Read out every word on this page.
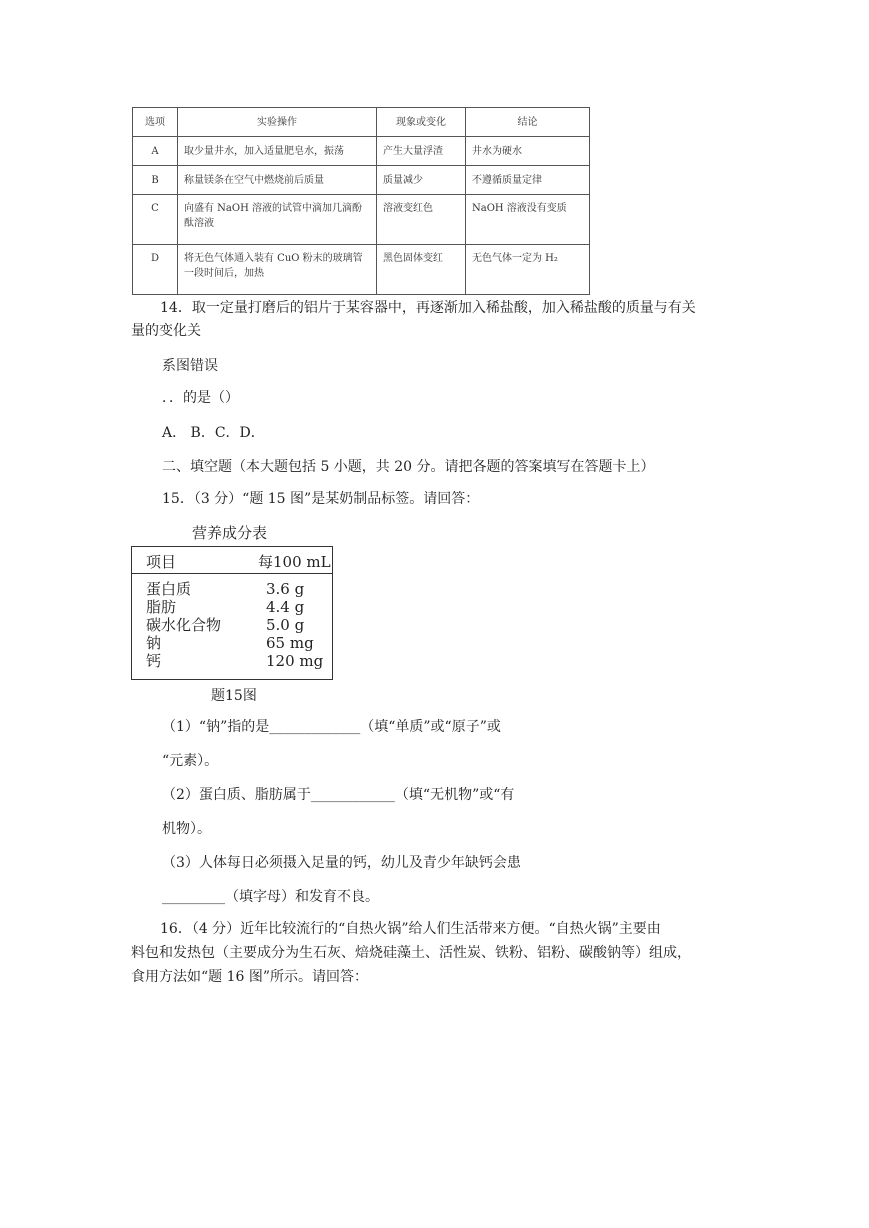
选项	实验操作	现象或变化	结论
A	取少量井水，加入适量肥皂水，振荡	产生大量浮渣	井水为硬水
B	称量镁条在空气中燃烧前后质量	质量减少	不遵循质量定律
C	向盛有 NaOH 溶液的试管中滴加几滴酚酞溶液	溶液变红色	NaOH 溶液没有变质
D	将无色气体通入装有 CuO 粉末的玻璃管一段时间后，加热	黑色固体变红	无色气体一定为 H₂
14．取一定量打磨后的铝片于某容器中，再逐渐加入稀盐酸，加入稀盐酸的质量与有关
量的变化关
系图错误
．．的是（）
A． B．C．D．
二、填空题（本大题包括 5 小题，共 20 分。请把各题的答案填写在答题卡上）
15．（3 分）“题 15 图”是某奶制品标签。请回答：
营养成分表
项目	每100 mL
蛋白质	3.6 g
脂肪	4.4 g
碳水化合物	5.0 g
钠	65 mg
钙	120 mg
题15图
（1）“钠”指的是_____________（填“单质”或“原子”或
“元素）。
（2）蛋白质、脂肪属于____________（填“无机物”或“有
机物）。
（3）人体每日必须摄入足量的钙，幼儿及青少年缺钙会患
_________（填字母）和发育不良。
16．（4 分）近年比较流行的“自热火锅”给人们生活带来方便。“自热火锅”主要由
料包和发热包（主要成分为生石灰、焙烧硅藻土、活性炭、铁粉、铝粉、碳酸钠等）组成，
食用方法如“题 16 图”所示。请回答：
